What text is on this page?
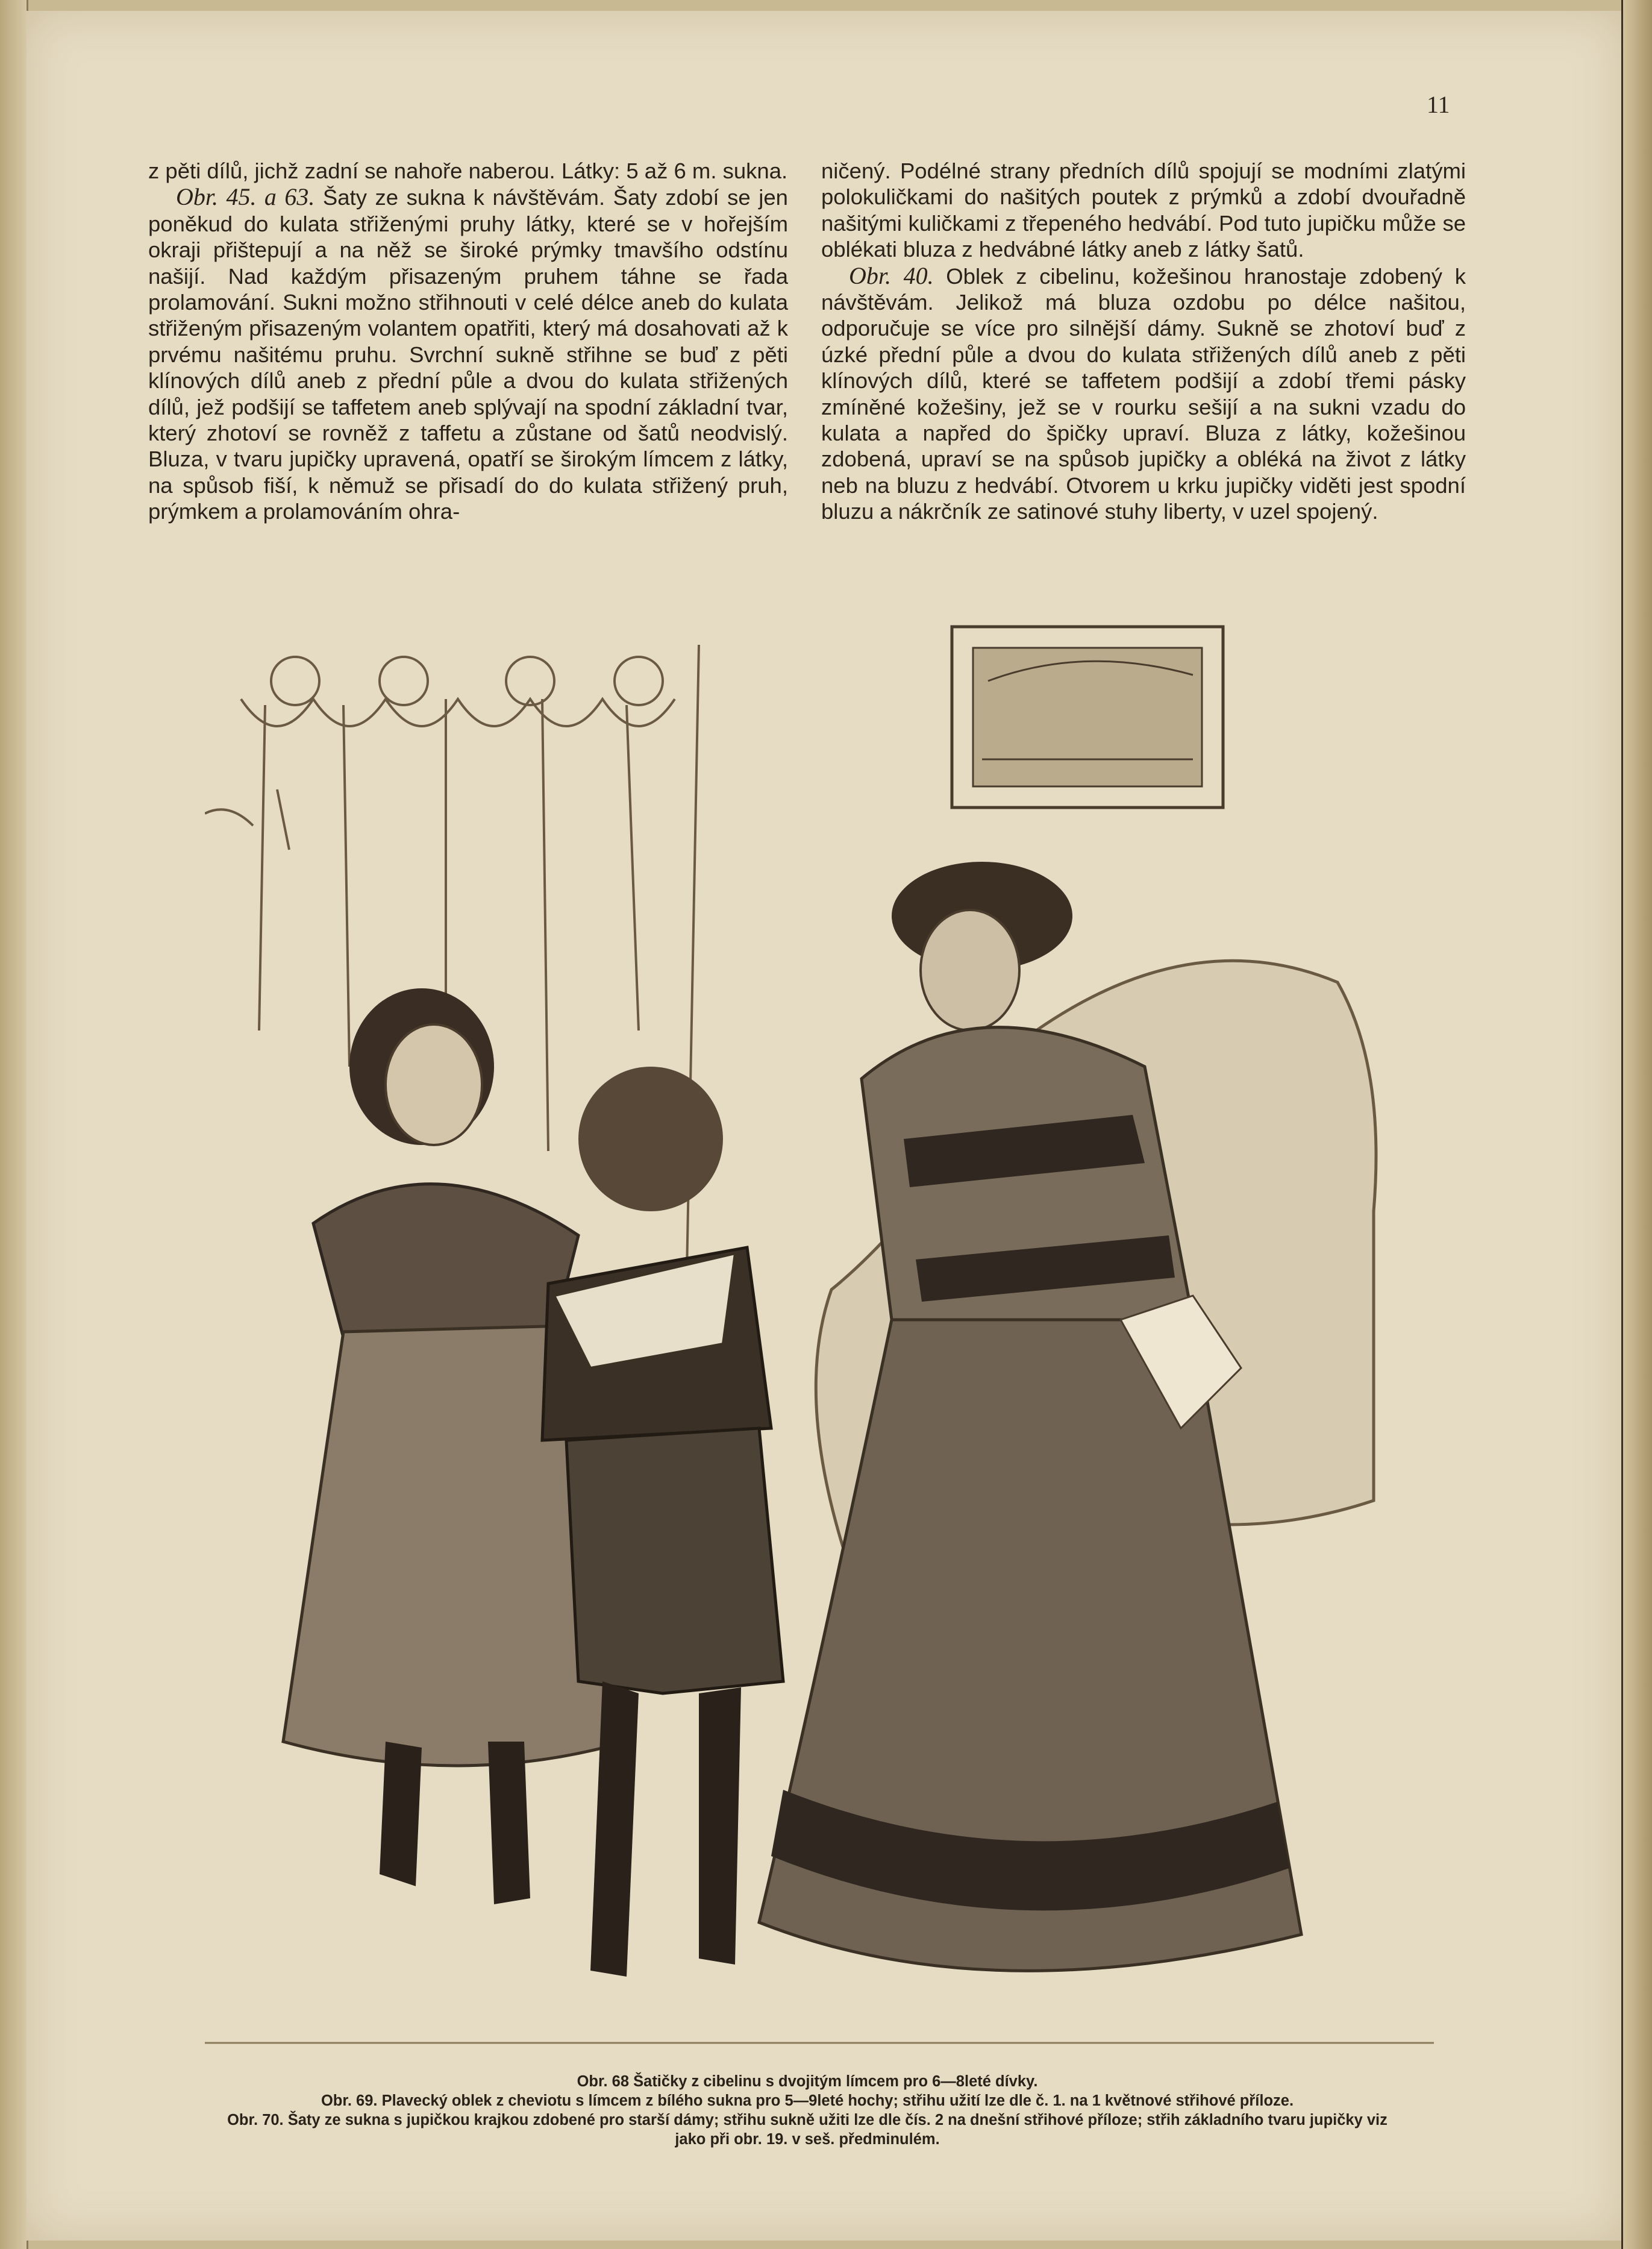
11

z pěti dílů, jichž zadní se nahoře naberou. Látky: 5 až 6 m. sukna.

Obr. 45. a 63. Šaty ze sukna k návštěvám. Šaty zdobí se jen poněkud do kulata střiženými pruhy látky, které se v hořejším okraji přištepují a na něž se široké prýmky tmavšího odstínu našijí. Nad každým přisazeným pruhem táhne se řada prolamování. Sukni možno střihnouti v celé délce aneb do kulata střiženým přisazeným volantem opatřiti, který má dosahovati až k prvému našitému pruhu. Svrchní sukně střihne se buď z pěti klínových dílů aneb z přední půle a dvou do kulata střižených dílů, jež podšijí se taffetem aneb splývají na spodní základní tvar, který zhotoví se rovněž z taffetu a zůstane od šatů neodvislý. Bluza, v tvaru jupičky upravená, opatří se širokým límcem z látky, na spůsob fiší, k němuž se přisadí do do kulata střižený pruh, prýmkem a prolamováním ohra-

ničený. Podélné strany předních dílů spojují se modními zlatými polokuličkami do našitých poutek z prýmků a zdobí dvouřadně našitými kuličkami z třepeného hedvábí. Pod tuto jupičku může se oblékati bluza z hedvábné látky aneb z látky šatů.

Obr. 40. Oblek z cibelinu, kožešinou hranostaje zdobený k návštěvám. Jelikož má bluza ozdobu po délce našitou, odporučuje se více pro silnější dámy. Sukně se zhotoví buď z úzké přední půle a dvou do kulata střižených dílů aneb z pěti klínových dílů, které se taffetem podšijí a zdobí třemi pásky zmíněné kožešiny, jež se v rourku sešijí a na sukni vzadu do kulata a napřed do špičky upraví. Bluza z látky, kožešinou zdobená, upraví se na spůsob jupičky a obléká na život z látky neb na bluzu z hedvábí. Otvorem u krku jupičky viděti jest spodní bluzu a nákrčník ze satinové stuhy liberty, v uzel spojený.

Obr. 68 Šatičky z cibelinu s dvojitým límcem pro 6—8leté dívky.
Obr. 69. Plavecký oblek z cheviotu s límcem z bílého sukna pro 5—9leté hochy; střihu užití lze dle č. 1. na 1 květnové střihové příloze.
Obr. 70. Šaty ze sukna s jupičkou krajkou zdobené pro starší dámy; střihu sukně užiti lze dle čís. 2 na dnešní střihové příloze; střih základního tvaru jupičky viz
jako při obr. 19. v seš. předminulém.
